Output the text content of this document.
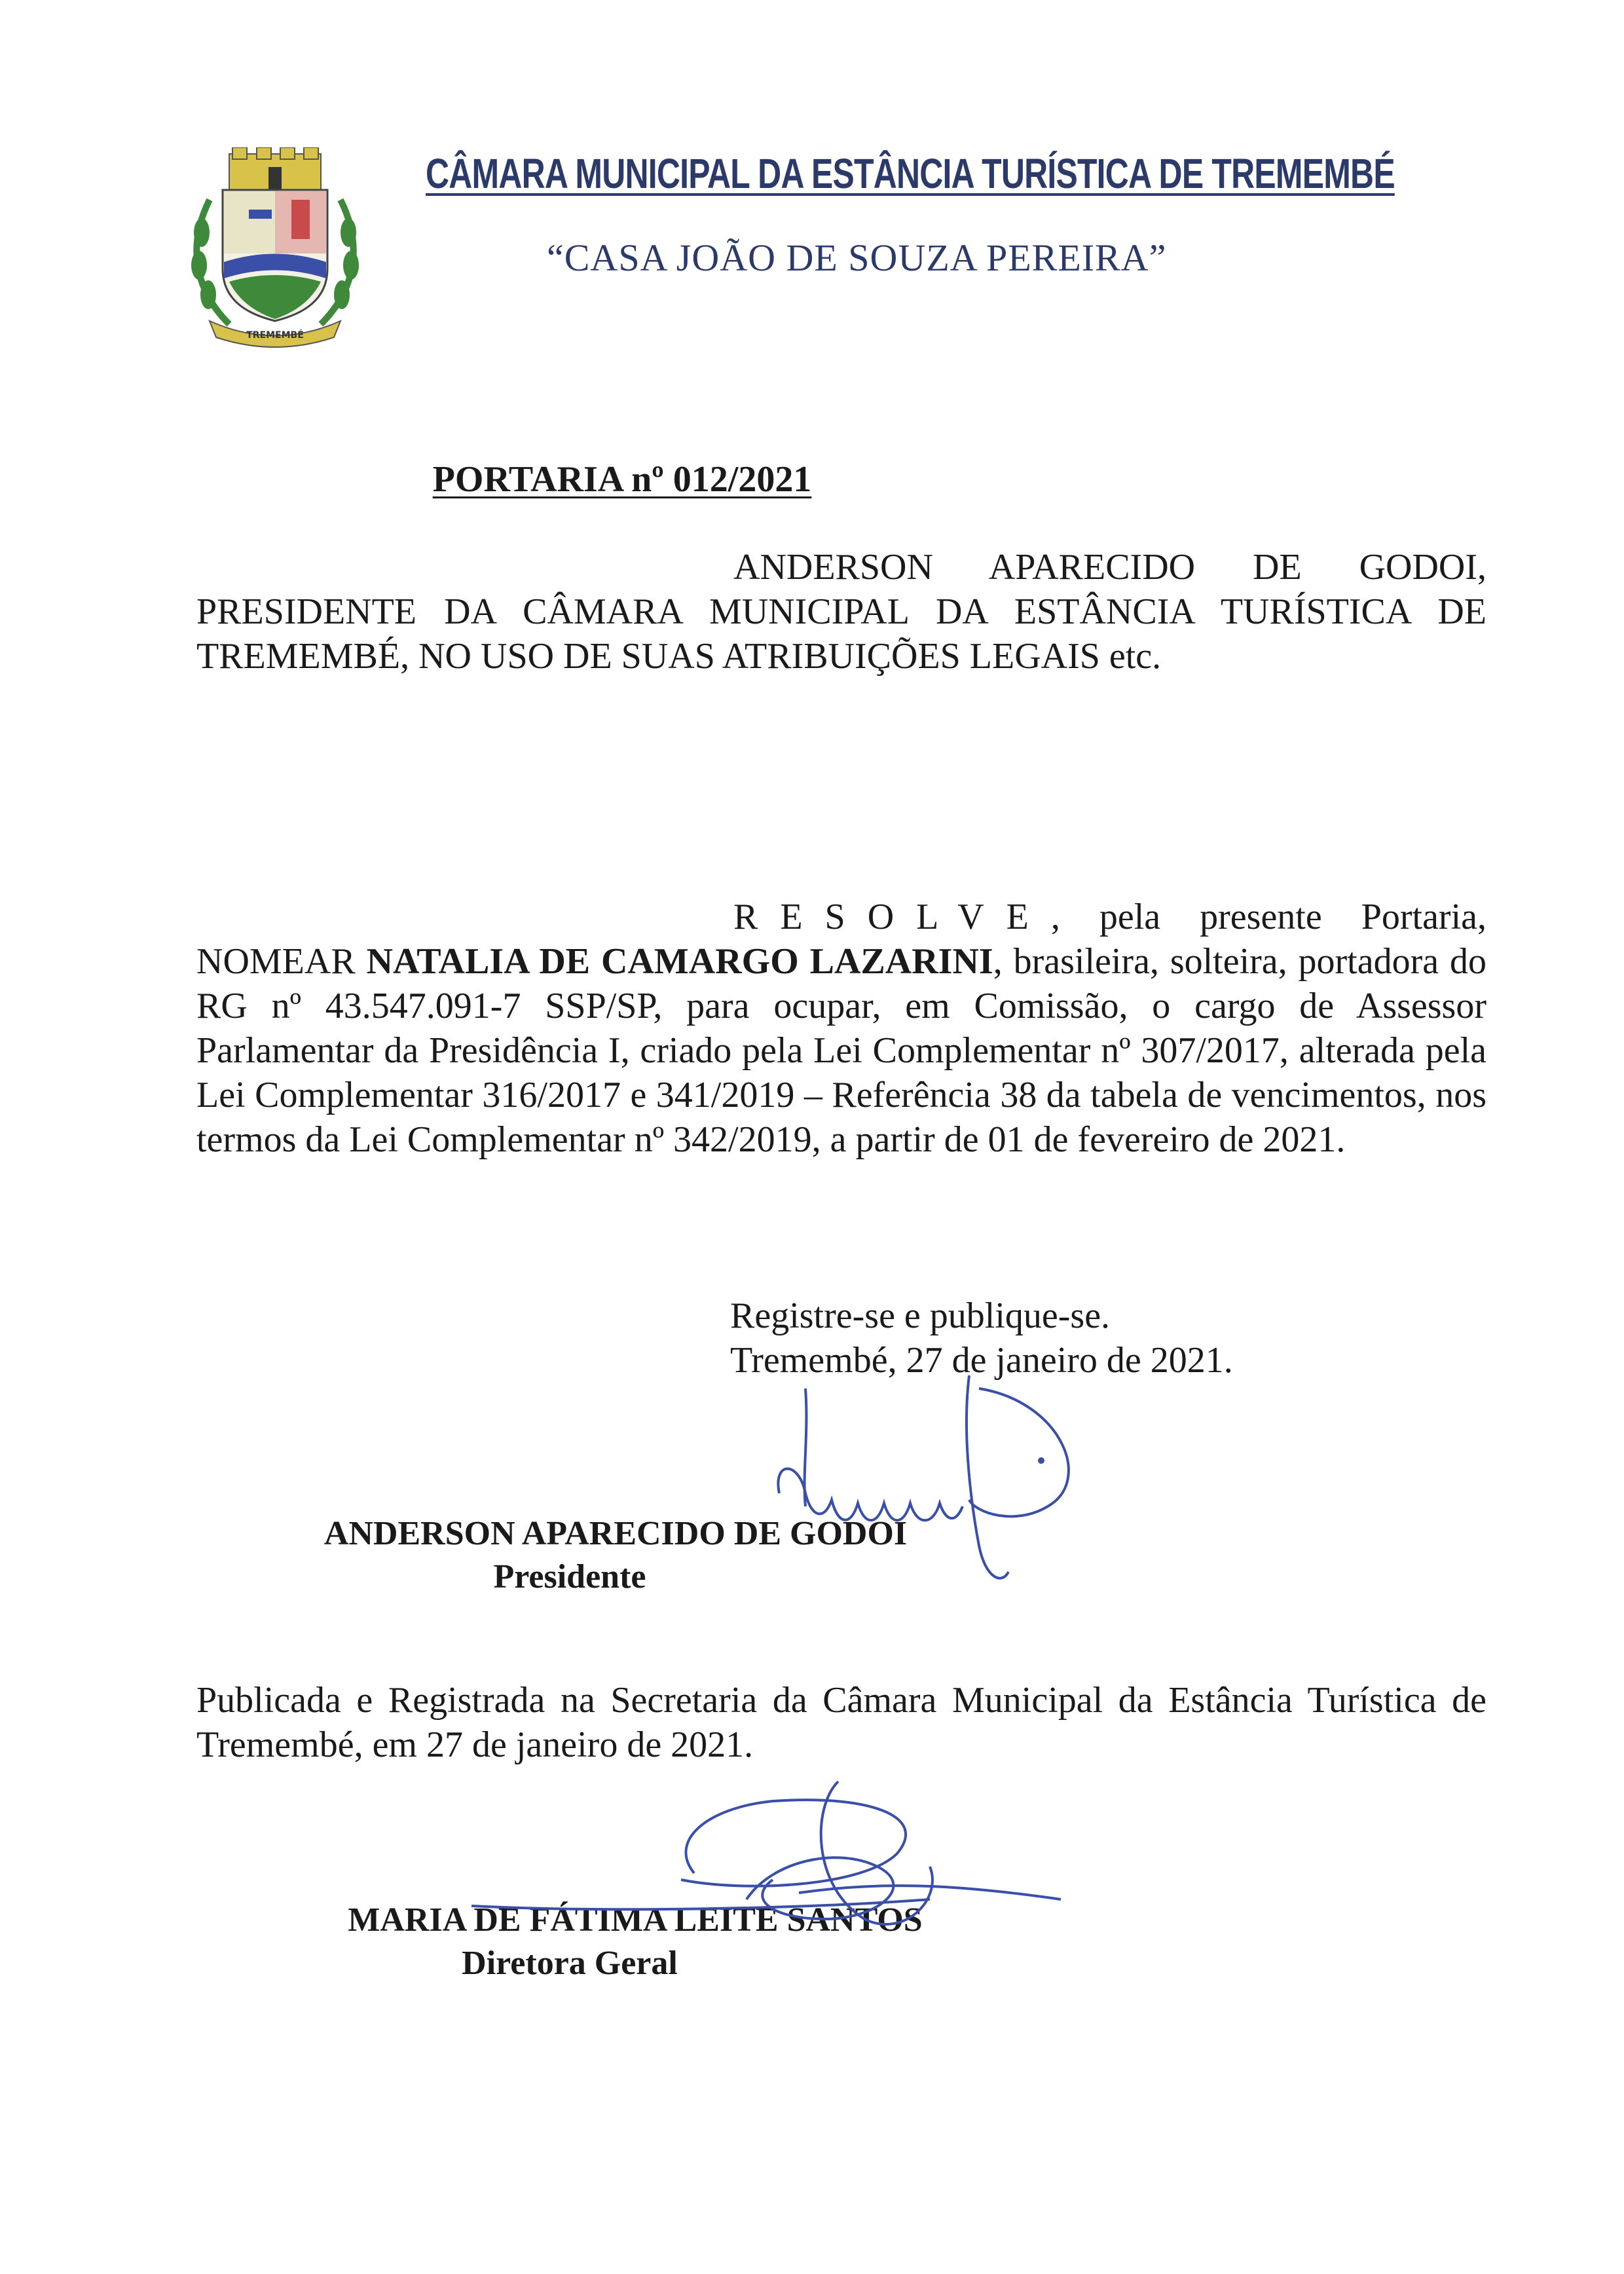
TREMEMBÉ
CÂMARA MUNICIPAL DA ESTÂNCIA TURÍSTICA DE TREMEMBÉ
“CASA JOÃO DE SOUZA PEREIRA”
PORTARIA nº 012/2021
ANDERSON APARECIDO DE GODOI, PRESIDENTE DA CÂMARA MUNICIPAL DA ESTÂNCIA TURÍSTICA DE TREMEMBÉ, NO USO DE SUAS ATRIBUIÇÕES LEGAIS etc.
RESOLVE, pela presente Portaria, NOMEAR NATALIA DE CAMARGO LAZARINI, brasileira, solteira, portadora do RG nº 43.547.091-7 SSP/SP, para ocupar, em Comissão, o cargo de Assessor Parlamentar da Presidência I, criado pela Lei Complementar nº 307/2017, alterada pela Lei Complementar 316/2017 e 341/2019 – Referência 38 da tabela de vencimentos, nos termos da Lei Complementar nº 342/2019, a partir de 01 de fevereiro de 2021.
Registre-se e publique-se.
Tremembé, 27 de janeiro de 2021.
ANDERSON APARECIDO DE GODOI
Presidente
Publicada e Registrada na Secretaria da Câmara Municipal da Estância Turística de Tremembé, em 27 de janeiro de 2021.
MARIA DE FÁTIMA LEITE SANTOS
Diretora Geral
